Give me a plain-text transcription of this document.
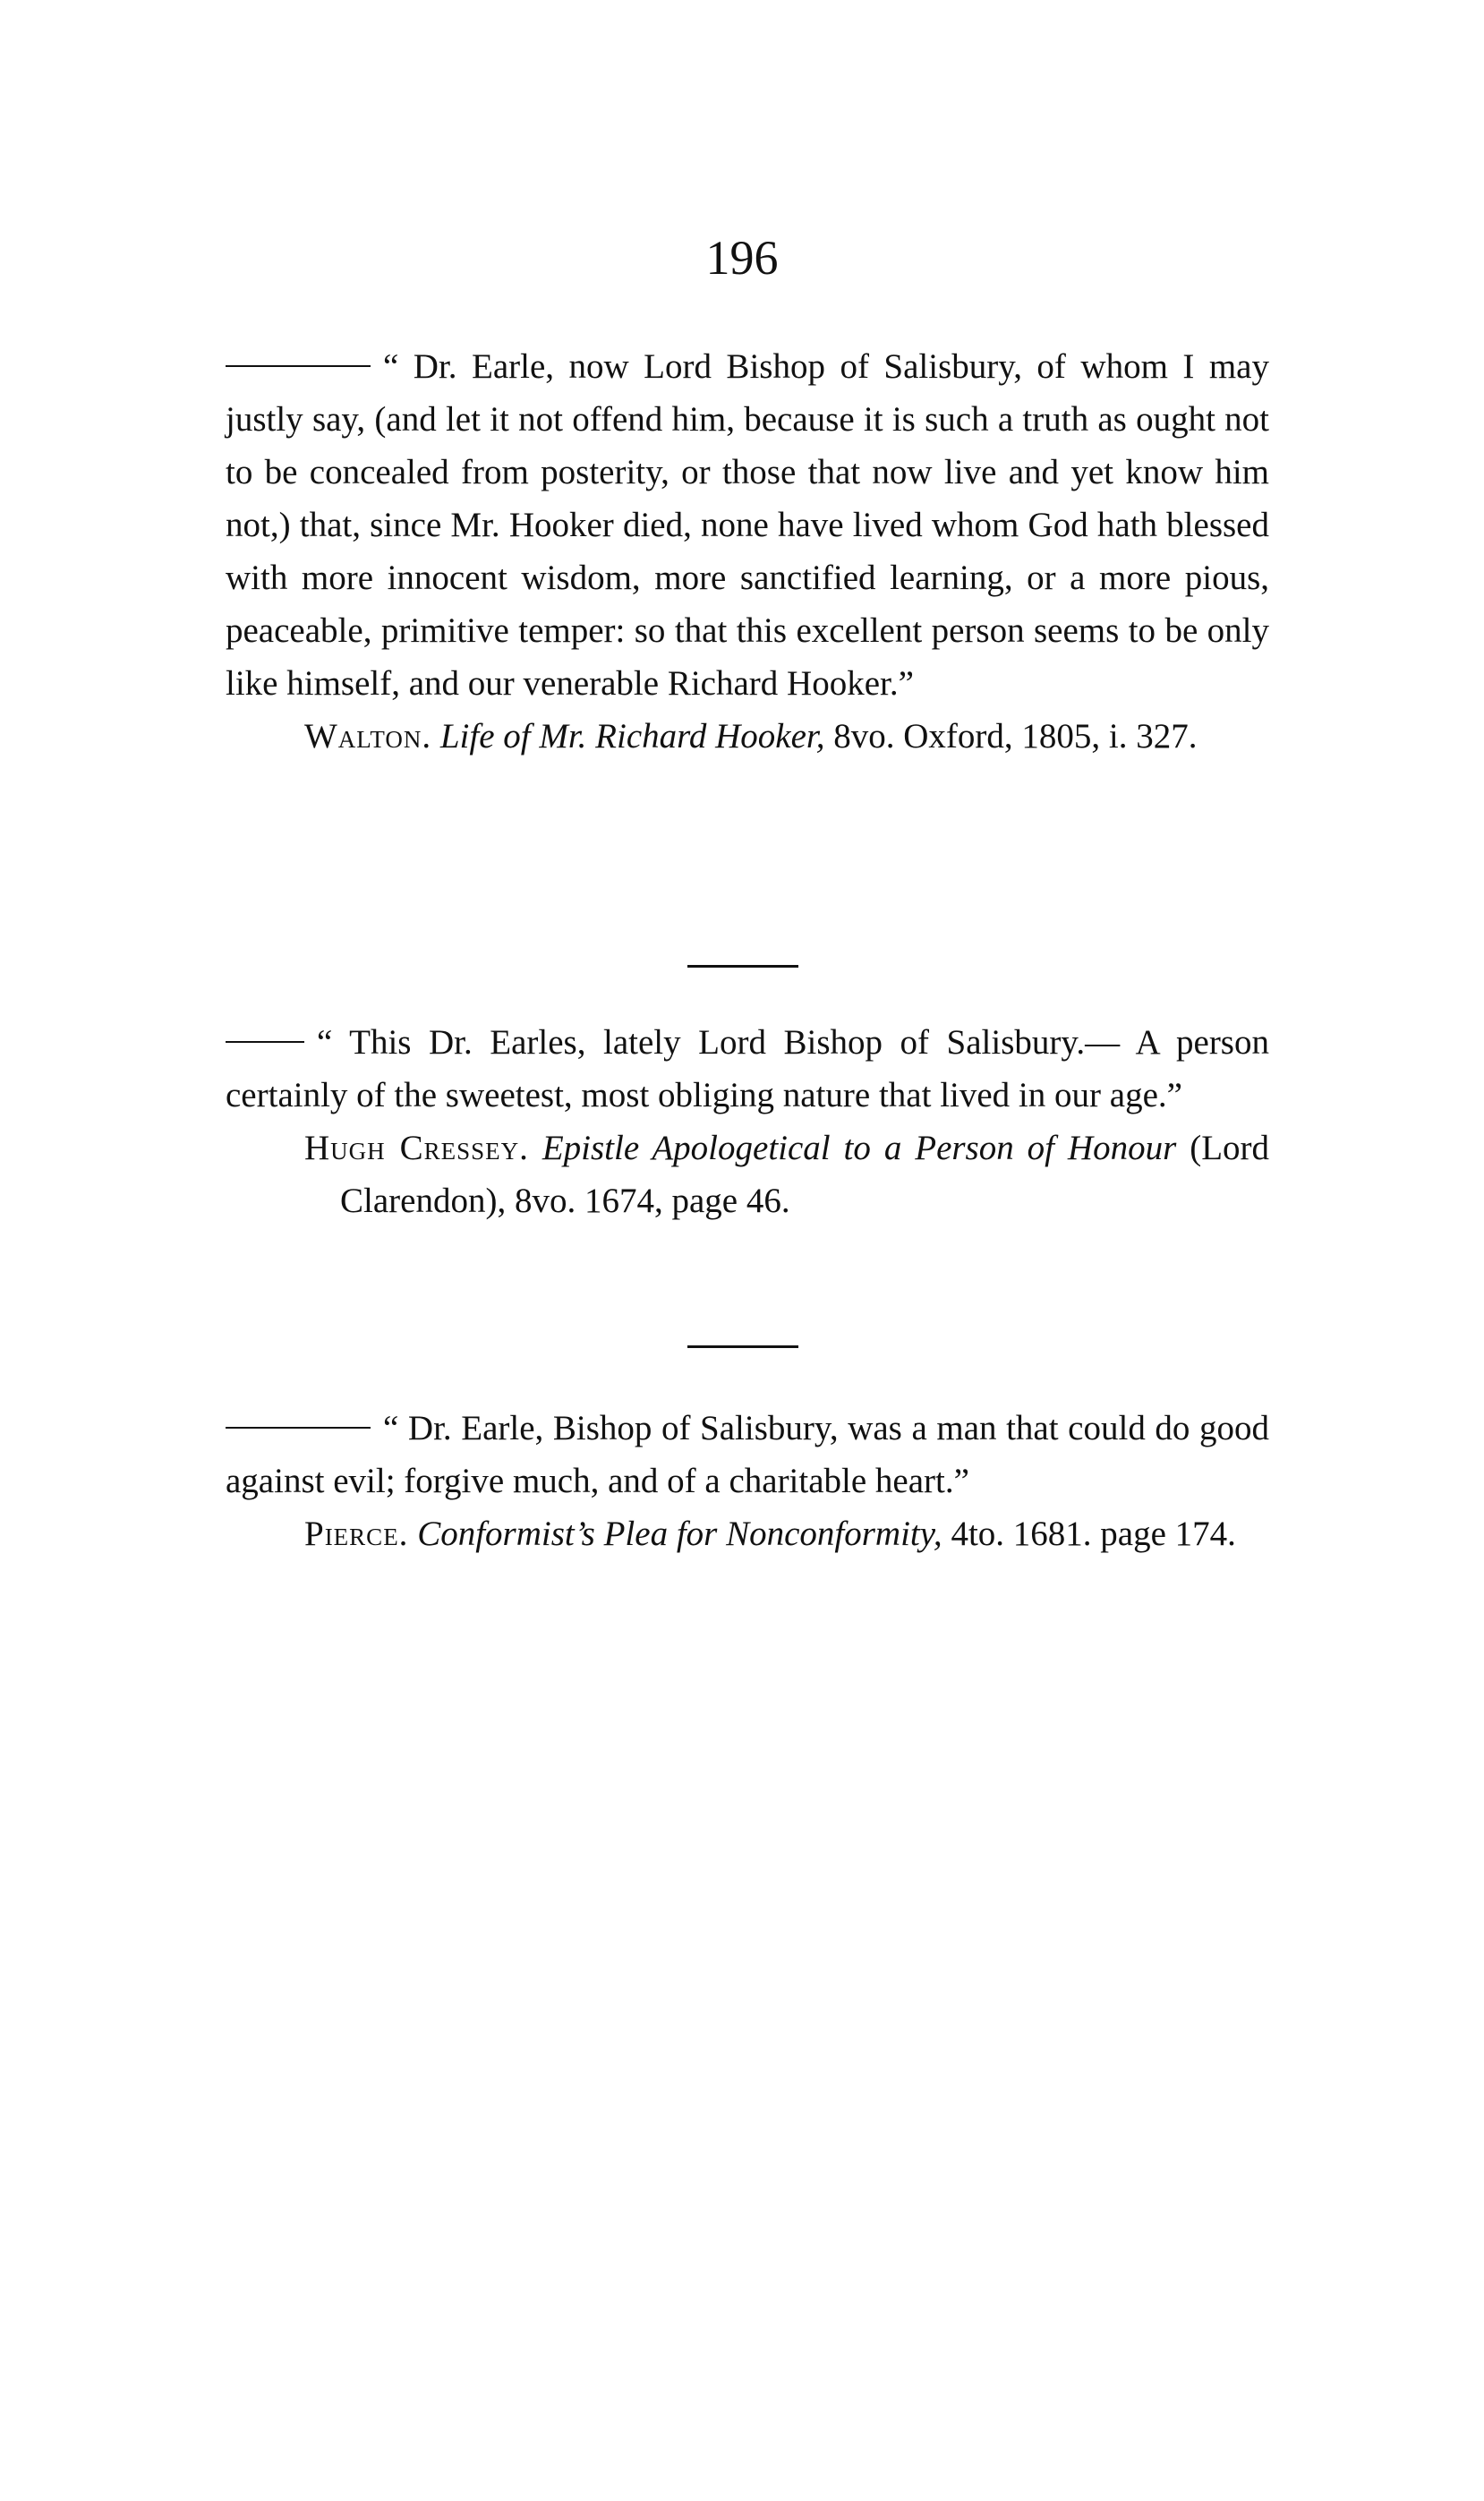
196

“ Dr. Earle, now Lord Bishop of Salisbury, of whom I may justly say, (and let it not offend him, because it is such a truth as ought not to be concealed from posterity, or those that now live and yet know him not,) that, since Mr. Hooker died, none have lived whom God hath blessed with more innocent wisdom, more sanctified learning, or a more pious, peaceable, primitive temper: so that this excellent person seems to be only like himself, and our venerable Richard Hooker.”

Walton. Life of Mr. Richard Hooker, 8vo. Oxford, 1805, i. 327.

“ This Dr. Earles, lately Lord Bishop of Salisbury.— A person certainly of the sweetest, most obliging nature that lived in our age.”

Hugh Cressey. Epistle Apologetical to a Person of Honour (Lord Clarendon), 8vo. 1674, page 46.

“ Dr. Earle, Bishop of Salisbury, was a man that could do good against evil; forgive much, and of a charitable heart.”

Pierce. Conformist’s Plea for Nonconformity, 4to. 1681. page 174.
